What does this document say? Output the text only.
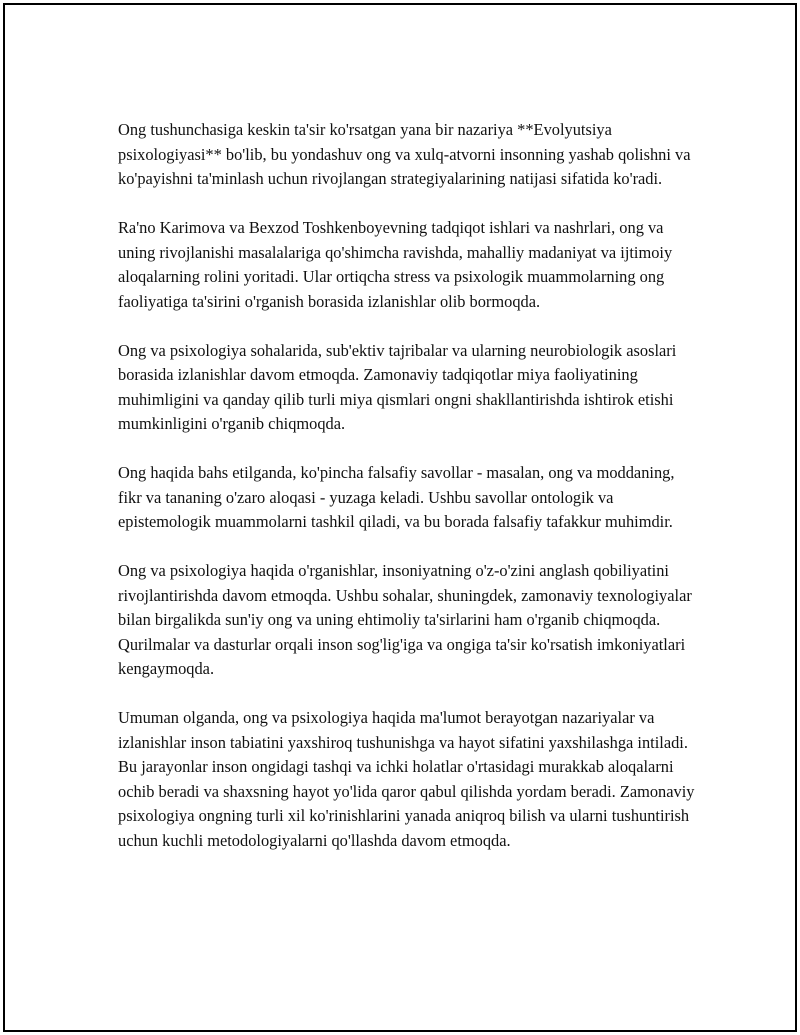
Ong tushunchasiga keskin ta'sir ko'rsatgan yana bir nazariya **Evolyutsiya psixologiyasi** bo'lib, bu yondashuv ong va xulq-atvorni insonning yashab qolishni va ko'payishni ta'minlash uchun rivojlangan strategiyalarining natijasi sifatida ko'radi.

Ra'no Karimova va Bexzod Toshkenboyevning tadqiqot ishlari va nashrlari, ong va uning rivojlanishi masalalariga qo'shimcha ravishda, mahalliy madaniyat va ijtimoiy aloqalarning rolini yoritadi. Ular ortiqcha stress va psixologik muammolarning ong faoliyatiga ta'sirini o'rganish borasida izlanishlar olib bormoqda.

Ong va psixologiya sohalarida, sub'ektiv tajribalar va ularning neurobiologik asoslari borasida izlanishlar davom etmoqda. Zamonaviy tadqiqotlar miya faoliyatining muhimligini va qanday qilib turli miya qismlari ongni shakllantirishda ishtirok etishi mumkinligini o'rganib chiqmoqda.

Ong haqida bahs etilganda, ko'pincha falsafiy savollar - masalan, ong va moddaning, fikr va tananing o'zaro aloqasi - yuzaga keladi. Ushbu savollar ontologik va epistemologik muammolarni tashkil qiladi, va bu borada falsafiy tafakkur muhimdir.

Ong va psixologiya haqida o'rganishlar, insoniyatning o'z-o'zini anglash qobiliyatini rivojlantirishda davom etmoqda. Ushbu sohalar, shuningdek, zamonaviy texnologiyalar bilan birgalikda sun'iy ong va uning ehtimoliy ta'sirlarini ham o'rganib chiqmoqda. Qurilmalar va dasturlar orqali inson sog'lig'iga va ongiga ta'sir ko'rsatish imkoniyatlari kengaymoqda.

Umuman olganda, ong va psixologiya haqida ma'lumot berayotgan nazariyalar va izlanishlar inson tabiatini yaxshiroq tushunishga va hayot sifatini yaxshilashga intiladi. Bu jarayonlar inson ongidagi tashqi va ichki holatlar o'rtasidagi murakkab aloqalarni ochib beradi va shaxsning hayot yo'lida qaror qabul qilishda yordam beradi. Zamonaviy psixologiya ongning turli xil ko'rinishlarini yanada aniqroq bilish va ularni tushuntirish uchun kuchli metodologiyalarni qo'llashda davom etmoqda.
